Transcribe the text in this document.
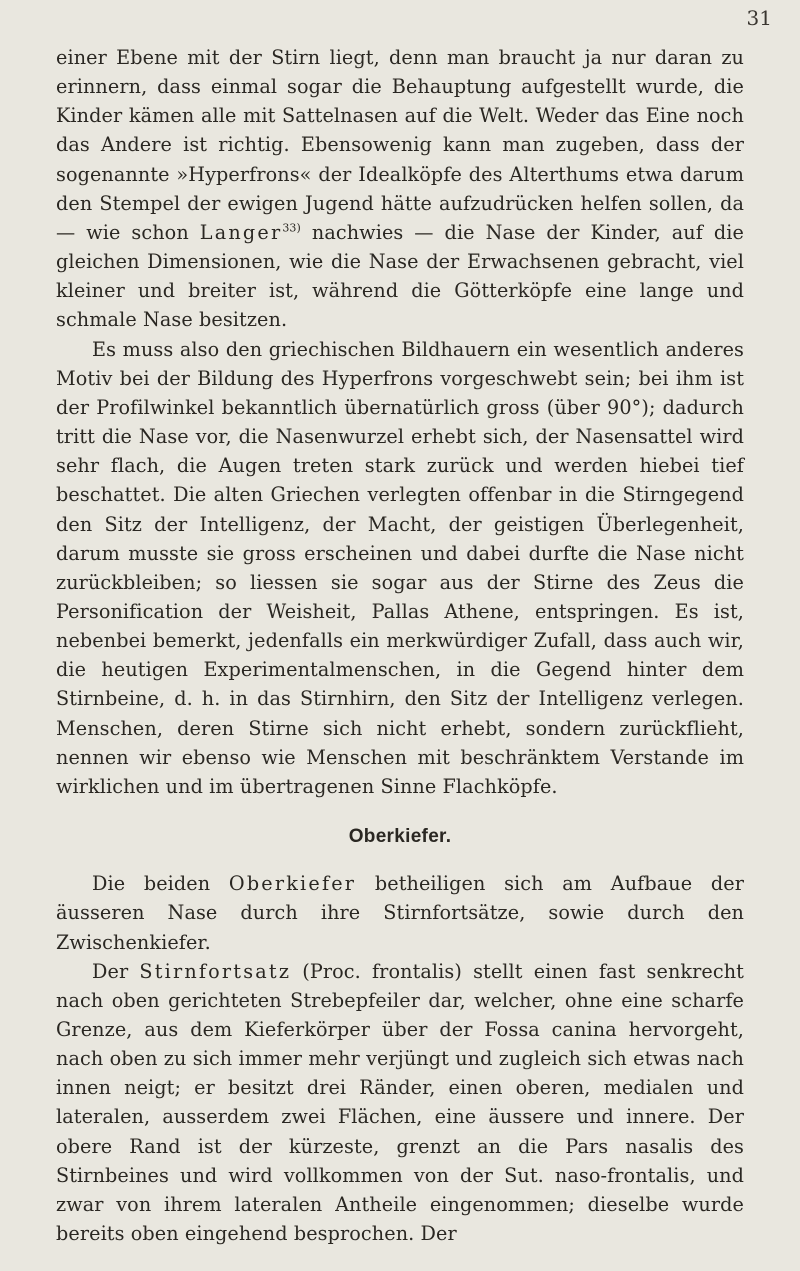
31

einer Ebene mit der Stirn liegt, denn man braucht ja nur daran zu erinnern, dass einmal sogar die Behauptung aufgestellt wurde, die Kinder kämen alle mit Sattelnasen auf die Welt. Weder das Eine noch das Andere ist richtig. Ebensowenig kann man zugeben, dass der sogenannte »Hyperfrons« der Idealköpfe des Alterthums etwa darum den Stempel der ewigen Jugend hätte aufzudrücken helfen sollen, da — wie schon Langer$^{33)}$ nachwies — die Nase der Kinder, auf die gleichen Dimensionen, wie die Nase der Erwachsenen gebracht, viel kleiner und breiter ist, während die Götterköpfe eine lange und schmale Nase besitzen.

Es muss also den griechischen Bildhauern ein wesentlich anderes Motiv bei der Bildung des Hyperfrons vorgeschwebt sein; bei ihm ist der Profilwinkel bekanntlich übernatürlich gross (über 90°); dadurch tritt die Nase vor, die Nasenwurzel erhebt sich, der Nasensattel wird sehr flach, die Augen treten stark zurück und werden hiebei tief beschattet. Die alten Griechen verlegten offenbar in die Stirngegend den Sitz der Intelligenz, der Macht, der geistigen Überlegenheit, darum musste sie gross erscheinen und dabei durfte die Nase nicht zurückbleiben; so liessen sie sogar aus der Stirne des Zeus die Personification der Weisheit, Pallas Athene, entspringen. Es ist, nebenbei bemerkt, jedenfalls ein merkwürdiger Zufall, dass auch wir, die heutigen Experimentalmenschen, in die Gegend hinter dem Stirnbeine, d. h. in das Stirnhirn, den Sitz der Intelligenz verlegen. Menschen, deren Stirne sich nicht erhebt, sondern zurückflieht, nennen wir ebenso wie Menschen mit beschränktem Verstande im wirklichen und im übertragenen Sinne Flachköpfe.

Oberkiefer.

Die beiden Oberkiefer betheiligen sich am Aufbaue der äusseren Nase durch ihre Stirnfortsätze, sowie durch den Zwischenkiefer.

Der Stirnfortsatz (Proc. frontalis) stellt einen fast senkrecht nach oben gerichteten Strebepfeiler dar, welcher, ohne eine scharfe Grenze, aus dem Kieferkörper über der Fossa canina hervorgeht, nach oben zu sich immer mehr verjüngt und zugleich sich etwas nach innen neigt; er besitzt drei Ränder, einen oberen, medialen und lateralen, ausserdem zwei Flächen, eine äussere und innere. Der obere Rand ist der kürzeste, grenzt an die Pars nasalis des Stirnbeines und wird vollkommen von der Sut. naso-frontalis, und zwar von ihrem lateralen Antheile eingenommen; dieselbe wurde bereits oben eingehend besprochen. Der
